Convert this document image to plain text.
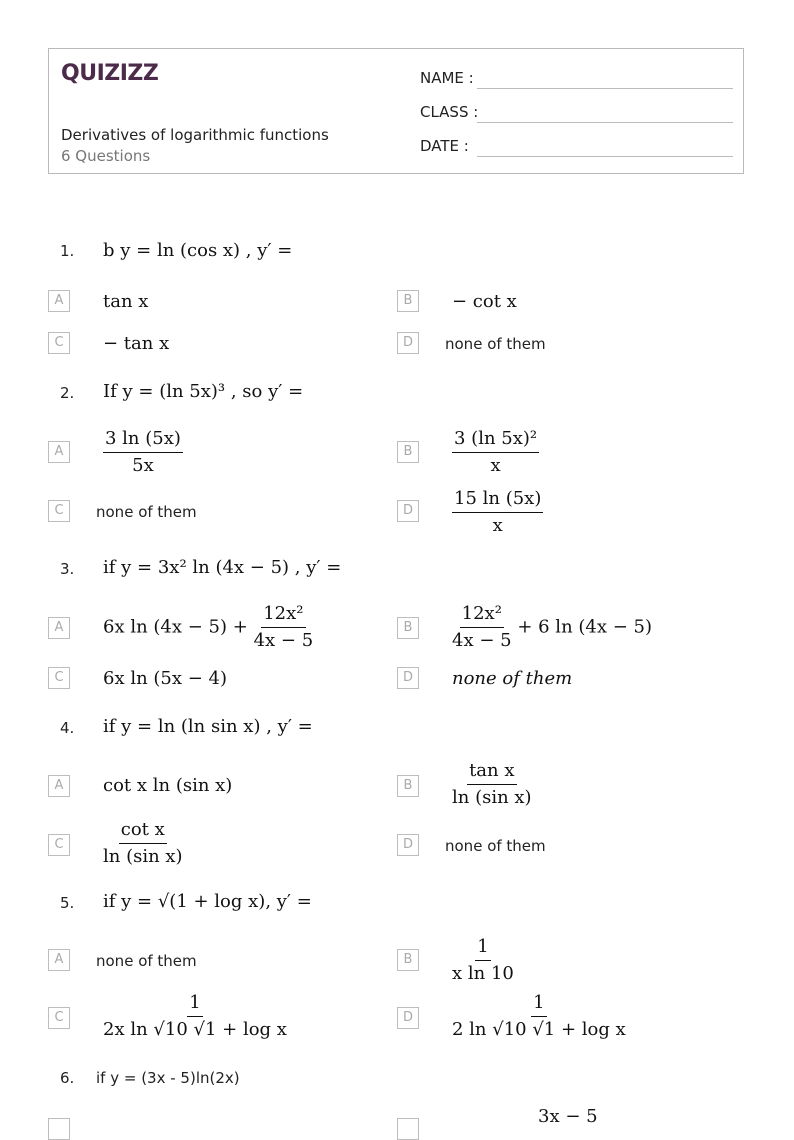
QUIZIZZ
Derivatives of logarithmic functions
6 Questions
NAME :
CLASS :
DATE :
1. b y = ln (cos x) , y′ =
A	tan x	B	− cot x
C	− tan x	D	none of them
2. If y = (ln 5x)³ , so y′ =
A	$\frac{3 \ln (5x)}{5x}$	B	$\frac{\text{3 (ln 5x)²}}{x}$
C	none of them	D	$\frac{15 \ln (5x)}{x}$
3. if y = 3x² ln (4x − 5) , y′ =
A	6x $\ln (4x - 5) + \frac{\text{12x²}}{4x - 5}$	B	$\frac{\text{12x²}}{4x - 5} + 6$ ln (4x − 5)
C	6x ln (5x − 4)	D	none of them
4. if y = ln (ln sin x) , y′ =
A	cot x ln (sin x)	B	$\frac{\text{tan x}}{\text{ln (sin x)}}$
C	$\frac{\text{cot x}}{\text{ln (sin x)}}$	D	none of them
5. if y = √(1 + log x), y′ =
A	none of them	B	$\frac{1}{\text{x ln 10}}$
C	$\frac{1}{\text{2x ln √10 √1 + log x}}$	D	$\frac{1}{\text{2 ln √10 √1 + log x}}$
6. if y = (3x - 5)ln(2x)
3x − 5
